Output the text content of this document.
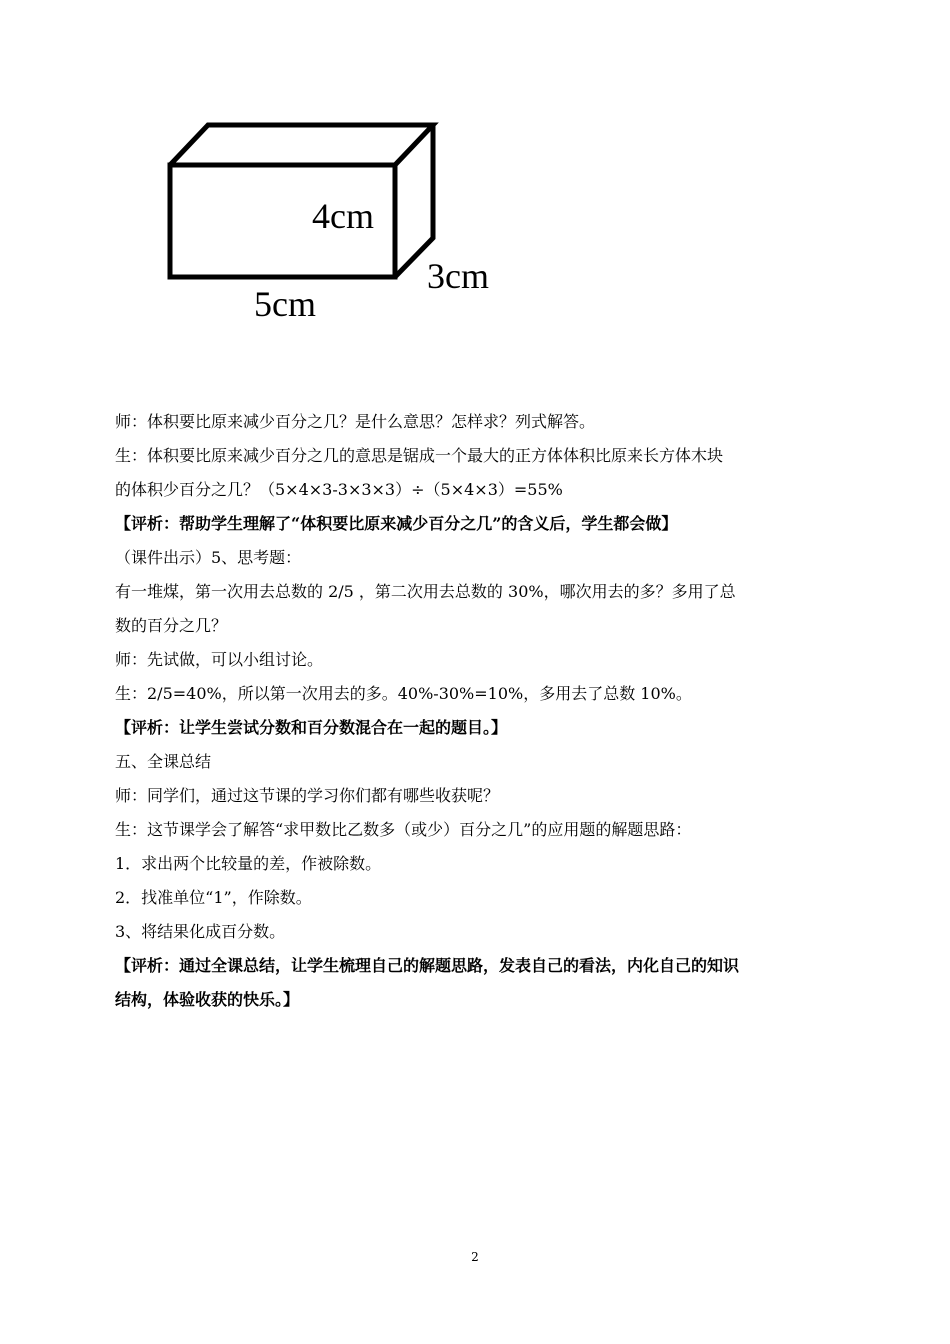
4cm
3cm
5cm
师：体积要比原来减少百分之几？是什么意思？怎样求？列式解答。
生：体积要比原来减少百分之几的意思是锯成一个最大的正方体体积比原来长方体木块
的体积少百分之几？（5×4×3-3×3×3）÷（5×4×3）=55%
【评析：帮助学生理解了“体积要比原来减少百分之几”的含义后，学生都会做】
（课件出示）5、思考题：
有一堆煤，第一次用去总数的 2/5 ，第二次用去总数的 30%，哪次用去的多？多用了总
数的百分之几？
师：先试做，可以小组讨论。
生：2/5=40%，所以第一次用去的多。40%-30%=10%，多用去了总数 10%。
【评析：让学生尝试分数和百分数混合在一起的题目。】
五、全课总结
师：同学们，通过这节课的学习你们都有哪些收获呢？
生：这节课学会了解答“求甲数比乙数多（或少）百分之几”的应用题的解题思路：
1．求出两个比较量的差，作被除数。
2．找准单位“1”，作除数。
3、将结果化成百分数。
【评析：通过全课总结，让学生梳理自己的解题思路，发表自己的看法，内化自己的知识
结构，体验收获的快乐。】
2
